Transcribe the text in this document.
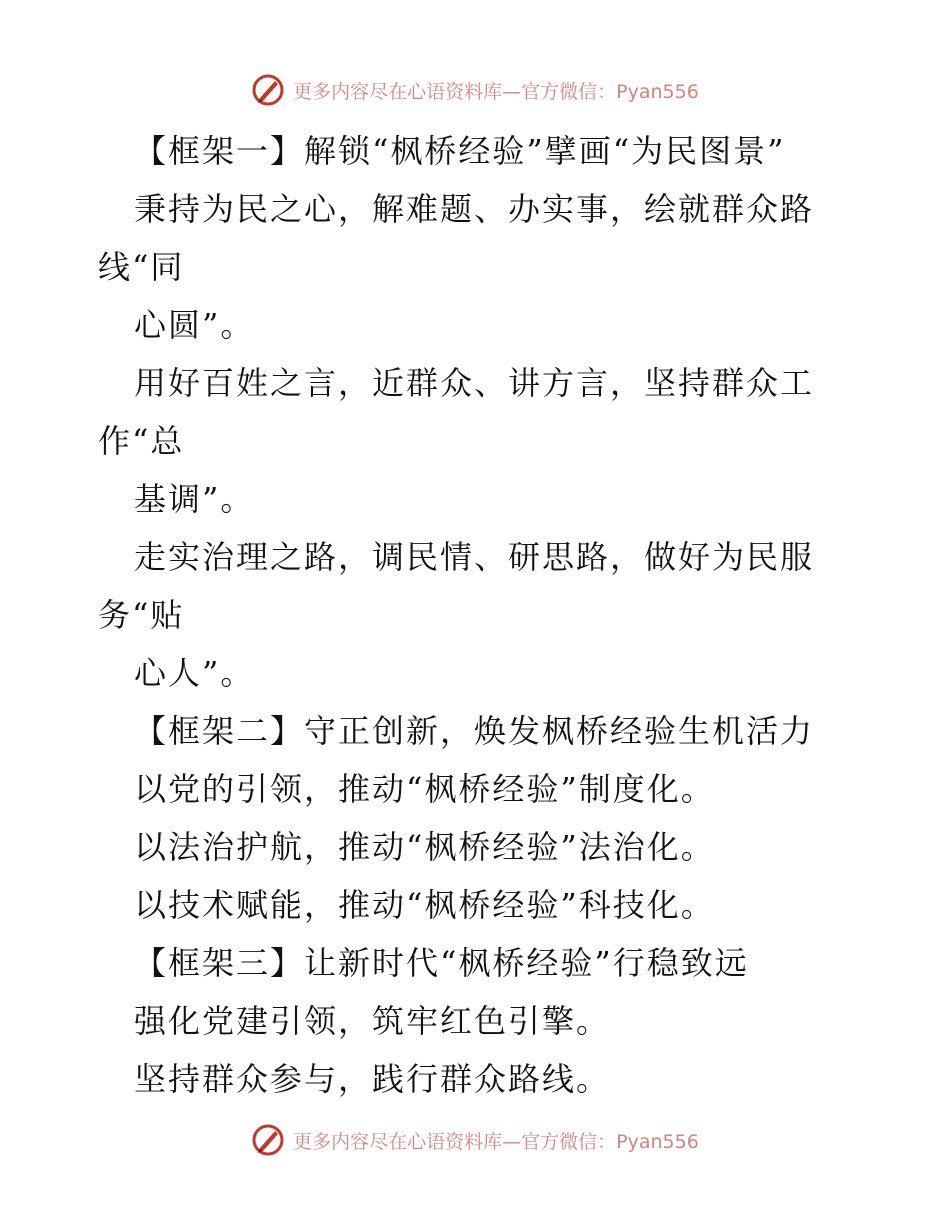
更多内容尽在心语资料库—官方微信：Pyan556
【框架一】解锁“枫桥经验”擘画“为民图景”
秉持为民之心，解难题、办实事，绘就群众路
线“同
心圆”。
用好百姓之言，近群众、讲方言，坚持群众工
作“总
基调”。
走实治理之路，调民情、研思路，做好为民服
务“贴
心人”。
【框架二】守正创新，焕发枫桥经验生机活力
以党的引领，推动“枫桥经验”制度化。
以法治护航，推动“枫桥经验”法治化。
以技术赋能，推动“枫桥经验”科技化。
【框架三】让新时代“枫桥经验”行稳致远
强化党建引领，筑牢红色引擎。
坚持群众参与，践行群众路线。
更多内容尽在心语资料库—官方微信：Pyan556
